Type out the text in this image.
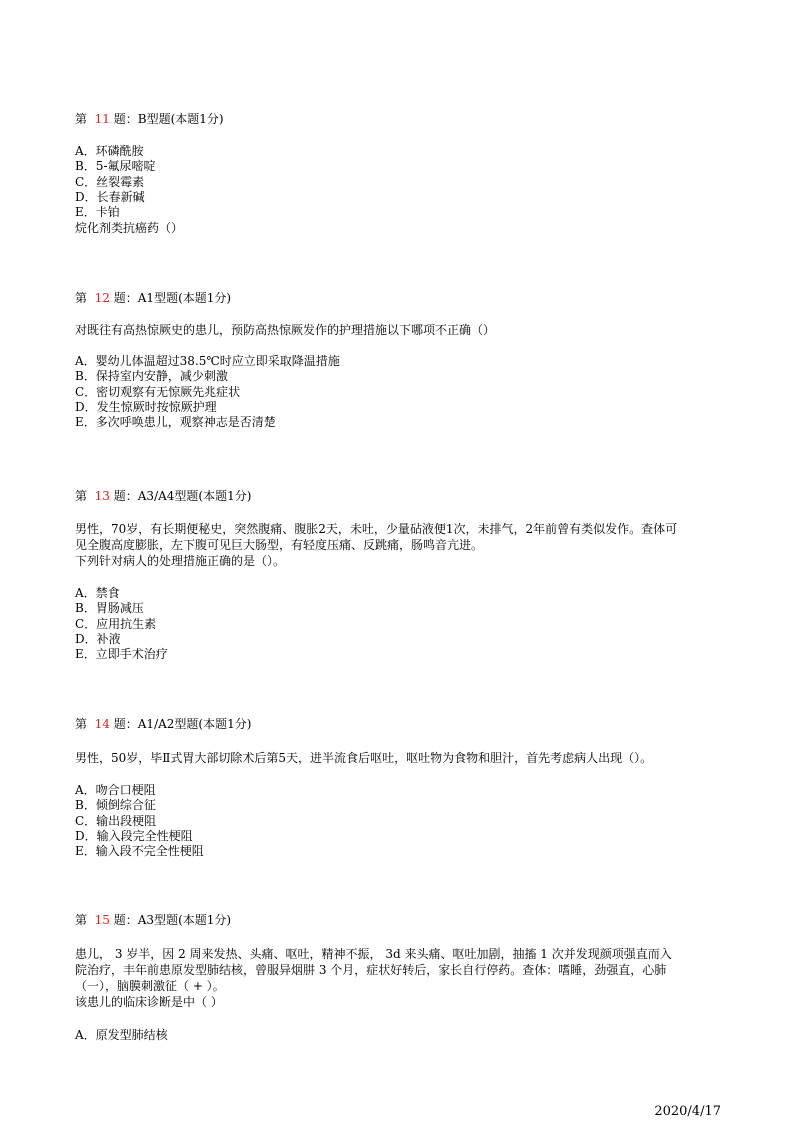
第 11 题：B型题(本题1分)
A．环磷酰胺
B．5-氟尿嘧啶
C．丝裂霉素
D．长春新碱
E．卡铂
烷化剂类抗癌药（）
第 12 题：A1型题(本题1分)
对既往有高热惊厥史的患儿，预防高热惊厥发作的护理措施以下哪项不正确（）
A．婴幼儿体温超过38.5℃时应立即采取降温措施
B．保持室内安静，减少刺激
C．密切观察有无惊厥先兆症状
D．发生惊厥时按惊厥护理
E．多次呼唤患儿，观察神志是否清楚
第 13 题：A3/A4型题(本题1分)
男性，70岁，有长期便秘史，突然腹痛、腹胀2天，未吐，少量砧液便1次，未排气，2年前曾有类似发作。查体可
见全腹高度膨胀，左下腹可见巨大肠型，有轻度压痛、反跳痛，肠鸣音亢进。
下列针对病人的处理措施正确的是（）。
A．禁食
B．胃肠减压
C．应用抗生素
D．补液
E．立即手术治疗
第 14 题：A1/A2型题(本题1分)
男性，50岁，毕Ⅱ式胃大部切除术后第5天，进半流食后呕吐，呕吐物为食物和胆汁，首先考虑病人出现（）。
A．吻合口梗阻
B．倾倒综合征
C．输出段梗阻
D．输入段完全性梗阻
E．输入段不完全性梗阻
第 15 题：A3型题(本题1分)
患儿， 3 岁半，因 2 周来发热、头痛、呕吐，精神不振， 3d 来头痛、呕吐加剧，抽搐 1 次并发现颜项强直而入
院治疗，丰年前患原发型肺结核，曾服异烟肼 3 个月，症状好转后，家长自行停药。查体：嗜睡，劲强直，心肺
（一），脑膜刺激征（ + ）。
该患儿的临床诊断是中（ ）
A．原发型肺结核
2020/4/17
